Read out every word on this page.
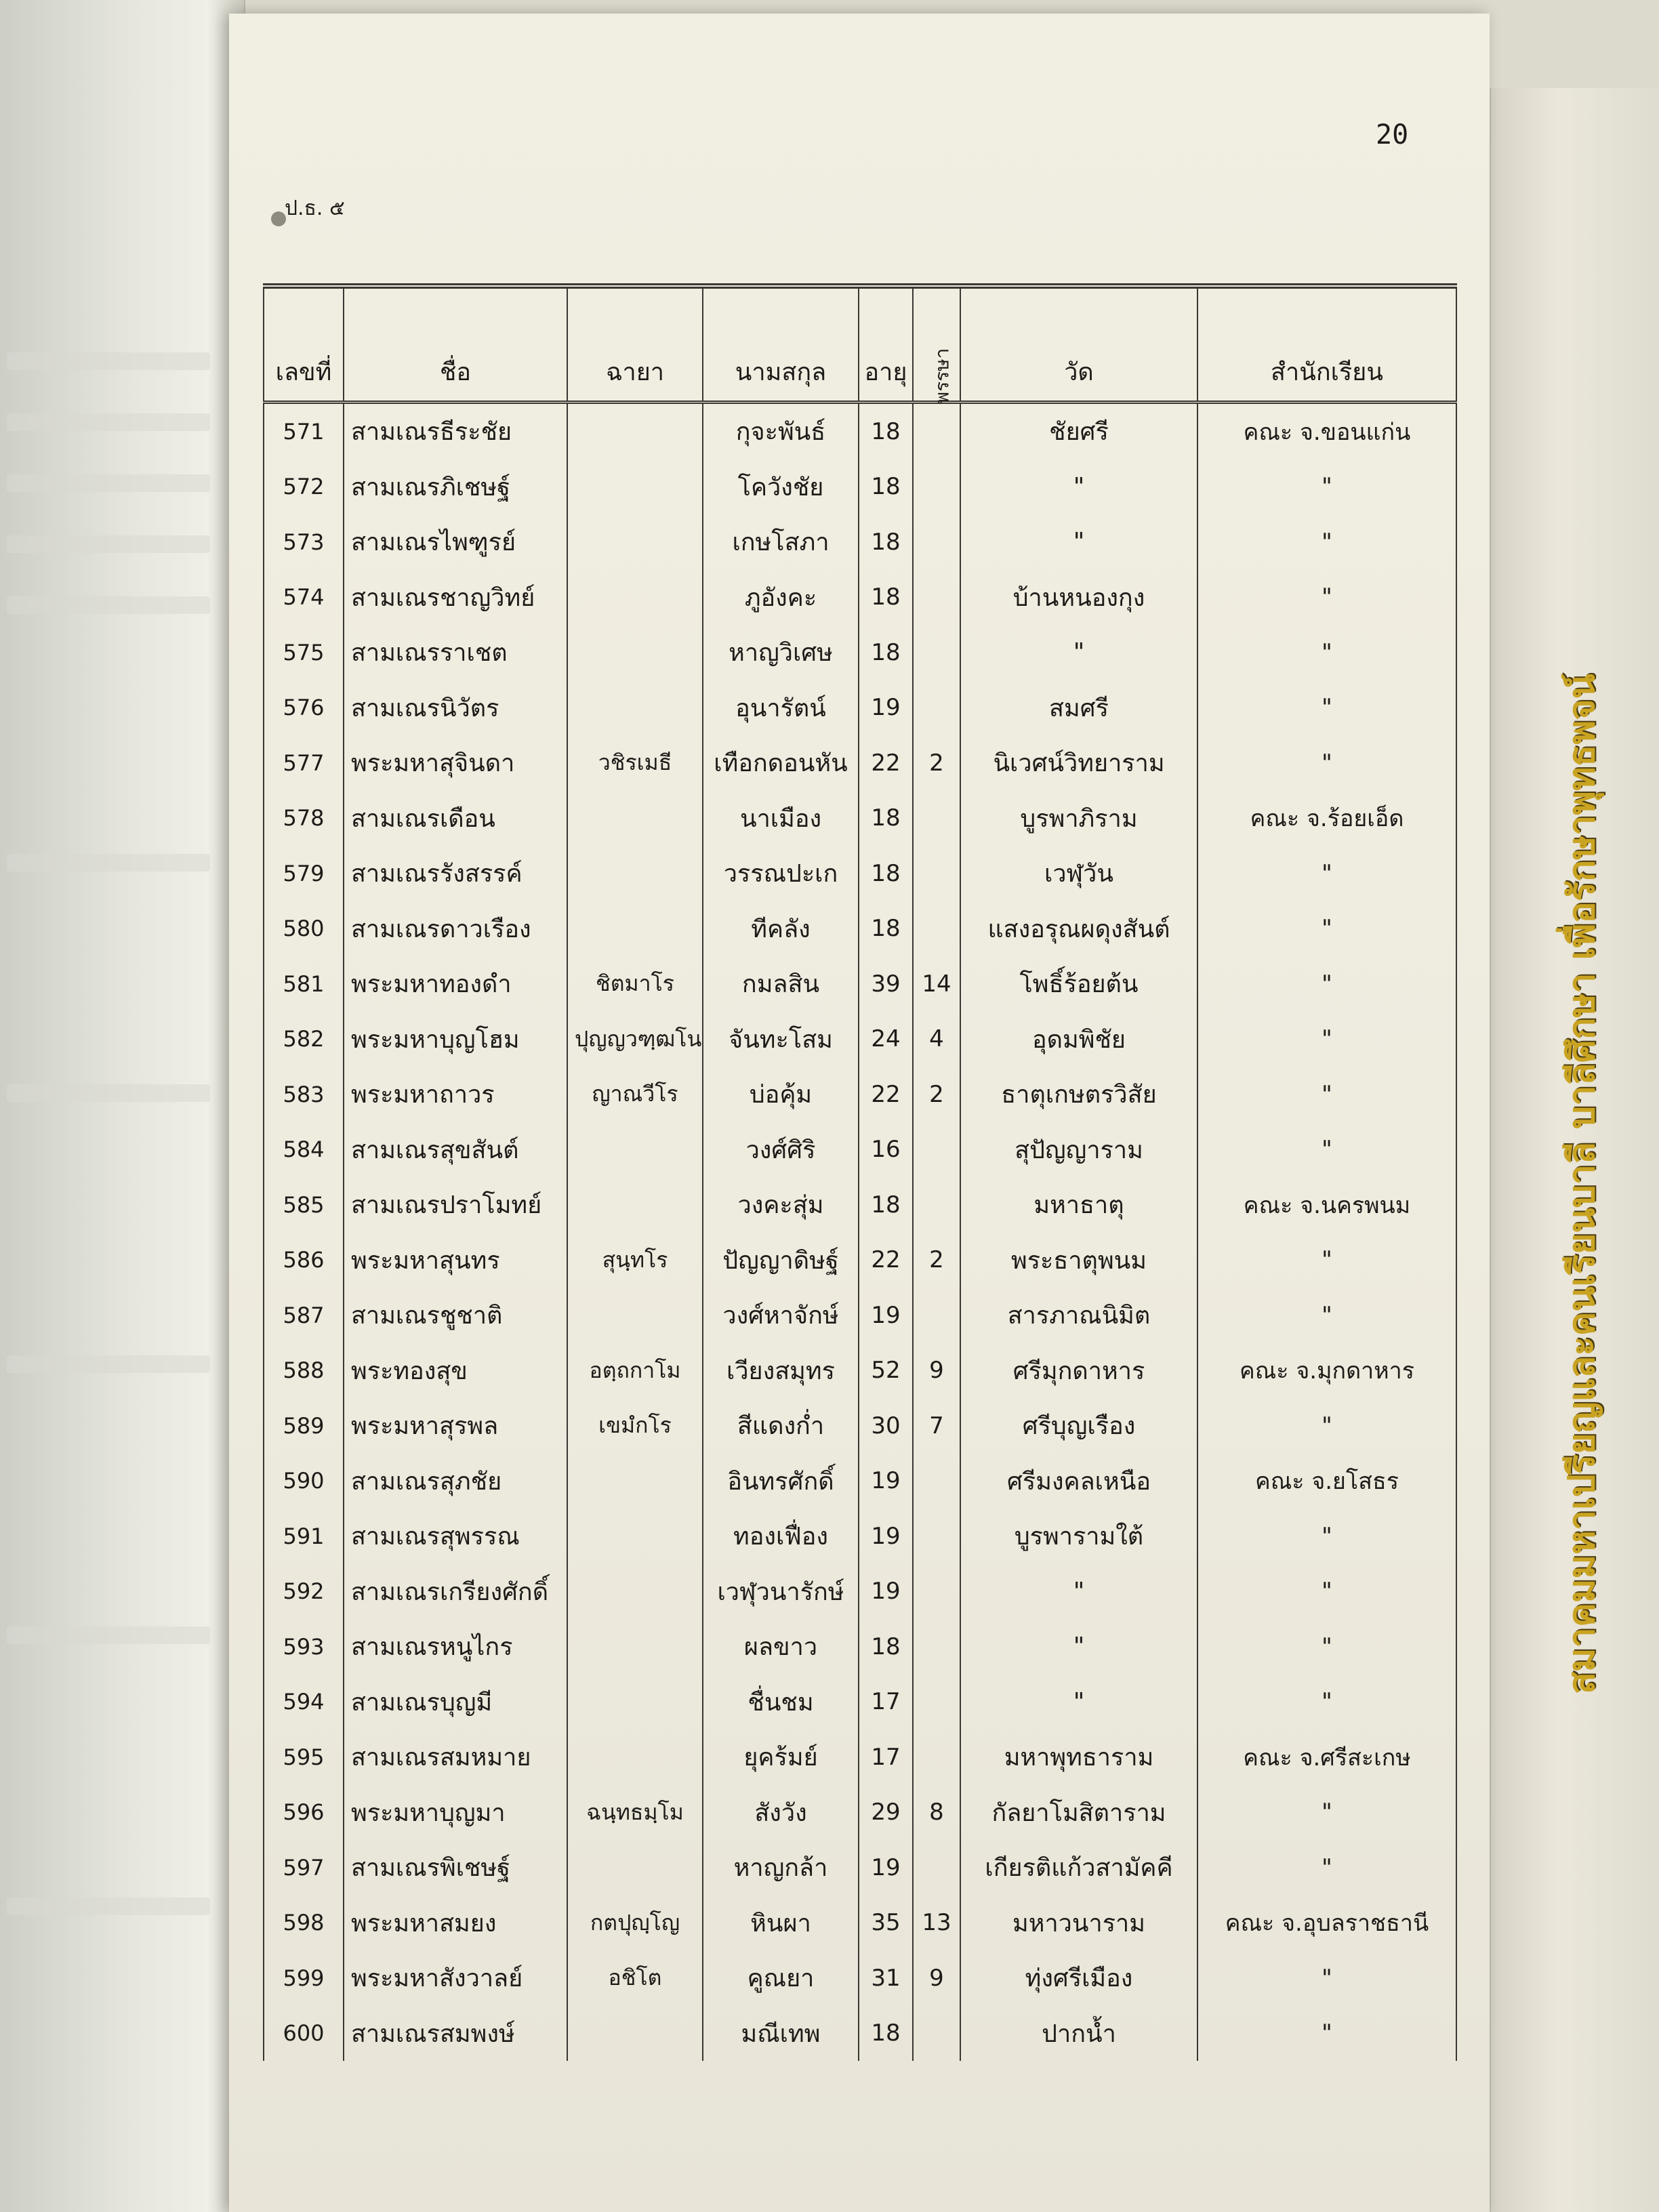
20
ป.ธ. ๕
เลขที่	ชื่อ	ฉายา	นามสกุล	อายุ	พรรษา	วัด	สำนักเรียน
571	สามเณรธีระชัย		กุจะพันธ์	18		ชัยศรี	คณะ จ.ขอนแก่น
572	สามเณรภิเชษฐ์		โควังชัย	18		"	"
573	สามเณรไพฑูรย์		เกษโสภา	18		"	"
574	สามเณรชาญวิทย์		ภูอังคะ	18		บ้านหนองกุง	"
575	สามเณรราเชต		หาญวิเศษ	18		"	"
576	สามเณรนิวัตร		อุนารัตน์	19		สมศรี	"
577	พระมหาสุจินดา	วชิรเมธี	เทือกดอนหัน	22	2	นิเวศน์วิทยาราม	"
578	สามเณรเดือน		นาเมือง	18		บูรพาภิราม	คณะ จ.ร้อยเอ็ด
579	สามเณรรังสรรค์		วรรณปะเก	18		เวฬุวัน	"
580	สามเณรดาวเรือง		ทีคลัง	18		แสงอรุณผดุงสันต์	"
581	พระมหาทองดำ	ชิตมาโร	กมลสิน	39	14	โพธิ์ร้อยต้น	"
582	พระมหาบุญโฮม	ปุญญวฑฺฒโน	จันทะโสม	24	4	อุดมพิชัย	"
583	พระมหาถาวร	ญาณวีโร	บ่อคุ้ม	22	2	ธาตุเกษตรวิสัย	"
584	สามเณรสุขสันต์		วงศ์ศิริ	16		สุปัญญาราม	"
585	สามเณรปราโมทย์		วงคะสุ่ม	18		มหาธาตุ	คณะ จ.นครพนม
586	พระมหาสุนทร	สุนฺทโร	ปัญญาดิษฐ์	22	2	พระธาตุพนม	"
587	สามเณรชูชาติ		วงศ์หาจักษ์	19		สารภาณนิมิต	"
588	พระทองสุข	อตฺถกาโม	เวียงสมุทร	52	9	ศรีมุกดาหาร	คณะ จ.มุกดาหาร
589	พระมหาสุรพล	เขมํกโร	สีแดงก่ำ	30	7	ศรีบุญเรือง	"
590	สามเณรสุภชัย		อินทรศักดิ์	19		ศรีมงคลเหนือ	คณะ จ.ยโสธร
591	สามเณรสุพรรณ		ทองเฟื่อง	19		บูรพารามใต้	"
592	สามเณรเกรียงศักดิ์		เวฬุวนารักษ์	19		"	"
593	สามเณรหนูไกร		ผลขาว	18		"	"
594	สามเณรบุญมี		ชื่นชม	17		"	"
595	สามเณรสมหมาย		ยุคร้มย์	17		มหาพุทธาราม	คณะ จ.ศรีสะเกษ
596	พระมหาบุญมา	ฉนฺทธมฺโม	สังวัง	29	8	กัลยาโมสิตาราม	"
597	สามเณรพิเชษฐ์		หาญกล้า	19		เกียรติแก้วสามัคคี	"
598	พระมหาสมยง	กตปุญฺโญ	หินผา	35	13	มหาวนาราม	คณะ จ.อุบลราชธานี
599	พระมหาสังวาลย์	อชิโต	คูณยา	31	9	ทุ่งศรีเมือง	"
600	สามเณรสมพงษ์		มณีเทพ	18		ปากน้ำ	"
สมาคมมหาเปรียญและคนเรียนบาลี บาลีศึกษา เพื่อรักษาพุทธพจน์
